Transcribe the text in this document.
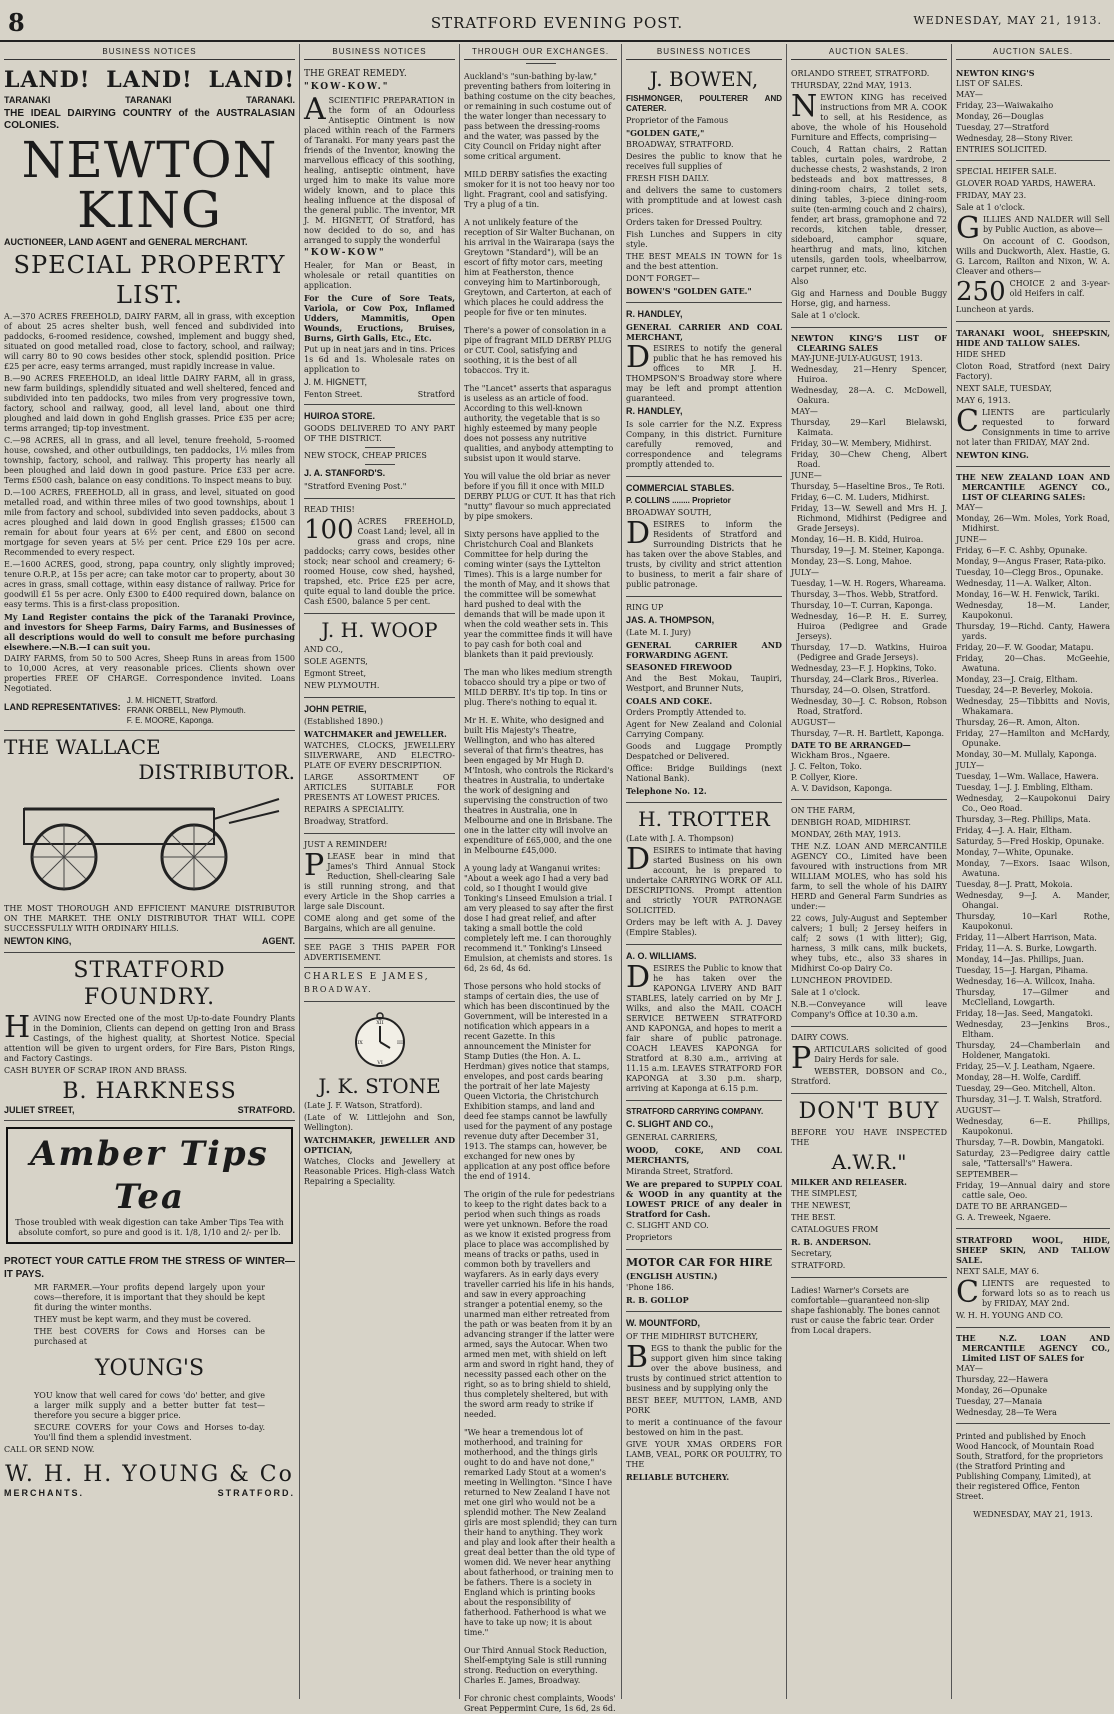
8	STRATFORD EVENING POST.	WEDNESDAY, MAY 21, 1913.
BUSINESS NOTICES
LAND! LAND! LAND!
TARANAKI	TARANAKI	TARANAKI.

THE IDEAL DAIRYING COUNTRY of the AUSTRALASIAN COLONIES.

NEWTON KING

AUCTIONEER, LAND AGENT and GENERAL MERCHANT.

SPECIAL PROPERTY LIST.

A.—370 ACRES FREEHOLD, DAIRY FARM, all in grass, with exception of about 25 acres shelter bush, well fenced and subdivided into paddocks, 6-roomed residence, cowshed, implement and buggy shed, situated on good metalled road, close to factory, school, and railway; will carry 80 to 90 cows besides other stock, splendid position. Price £25 per acre, easy terms arranged, must rapidly increase in value.

B.—90 ACRES FREEHOLD, an ideal little DAIRY FARM, all in grass, new farm buildings, splendidly situated and well sheltered, fenced and subdivided into ten paddocks, two miles from very progressive town, factory, school and railway, good, all level land, about one third ploughed and laid down in gohd English grasses. Price £35 per acre; terms arranged; tip-top investment.

C.—98 ACRES, all in grass, and all level, tenure freehold, 5-roomed house, cowshed, and other outbuildings, ten paddocks, 1½ miles from township, factory, school, and railway. This property has nearly all been ploughed and laid down in good pasture. Price £33 per acre. Terms £500 cash, balance on easy conditions. To inspect means to buy.

D.—100 ACRES, FREEHOLD, all in grass, and level, situated on good metalled road, and within three miles of two good townships, about 1 mile from factory and school, subdivided into seven paddocks, about 3 acres ploughed and laid down in good English grasses; £1500 can remain for about four years at 6½ per cent, and £800 on second mortgage for seven years at 5½ per cent. Price £29 10s per acre. Recommended to every respect.

E.—1600 ACRES, good, strong, papa country, only slightly improved; tenure O.R.P., at 15s per acre; can take motor car to property, about 30 acres in grass, small cottage, within easy distance of railway. Price for goodwill £1 5s per acre. Only £300 to £400 required down, balance on easy terms. This is a first-class proposition.

My Land Register contains the pick of the Taranaki Province, and investors for Sheep Farms, Dairy Farms, and Businesses of all descriptions would do well to consult me before purchasing elsewhere.—N.B.—I can suit you.

DAIRY FARMS, from 50 to 500 Acres, Sheep Runs in areas from 1500 to 10,000 Acres, at very reasonable prices. Clients shown over properties FREE OF CHARGE. Correspondence invited. Loans Negotiated.

LAND REPRESENTATIVES:
J. M. HICNETT, Stratford.
FRANK ORBELL, New Plymouth.
F. E. MOORE, Kaponga.
THE WALLACE
DISTRIBUTOR.

THE MOST THOROUGH AND EFFICIENT MANURE DISTRIBUTOR ON THE MARKET. THE ONLY DISTRIBUTOR THAT WILL COPE SUCCESSFULLY WITH ORDINARY HILLS.

NEWTON KING,	AGENT.
STRATFORD FOUNDRY.

HAVING now Erected one of the most Up-to-date Foundry Plants in the Dominion, Clients can depend on getting Iron and Brass Castings, of the highest quality, at Shortest Notice. Special attention will be given to urgent orders, for Fire Bars, Piston Rings, and Factory Castings.

CASH BUYER OF SCRAP IRON AND BRASS.

B. HARKNESS
JULIET STREET,	STRATFORD.
Amber Tips Tea
Those troubled with weak digestion can take Amber Tips Tea with absolute comfort, so pure and good is it. 1/8, 1/10 and 2/- per lb.

PROTECT YOUR CATTLE FROM THE STRESS OF WINTER—IT PAYS.

MR FARMER.—Your profits depend largely upon your cows—therefore, it is important that they should be kept fit during the winter months.

THEY must be kept warm, and they must be covered.

THE best COVERS for Cows and Horses can be purchased at

YOUNG'S

YOU know that well cared for cows 'do' better, and give a larger milk supply and a better butter fat test—therefore you secure a bigger price.

SECURE COVERS for your Cows and Horses to-day. You'll find them a splendid investment.

CALL OR SEND NOW.

W. H. H. YOUNG & Co
MERCHANTS.	STRATFORD.
BUSINESS NOTICES

THE GREAT REMEDY.

"KOW-KOW."

ASCIENTIFIC PREPARATION in the form of an Odourless Antiseptic Ointment is now placed within reach of the Farmers of Taranaki. For many years past the friends of the Inventor, knowing the marvellous efficacy of this soothing, healing, antiseptic ointment, have urged him to make its value more widely known, and to place this healing influence at the disposal of the general public. The inventor, MR J. M. HIGNETT, Of Stratford, has now decided to do so, and has arranged to supply the wonderful

"KOW-KOW"

Healer, for Man or Beast, in wholesale or retail quantities on application.

For the Cure of Sore Teats, Variola, or Cow Pox, Inflamed Udders, Mammitis, Open Wounds, Eructions, Bruises, Burns, Girth Galls, Etc., Etc.

Put up in neat jars and in tins. Prices 1s 6d and 1s. Wholesale rates on application to

J. M. HIGNETT,

Fenton Street.	Stratford

HUIROA STORE.

GOODS DELIVERED TO ANY PART OF THE DISTRICT.

NEW STOCK, CHEAP PRICES

J. A. STANFORD'S.

"Stratford Evening Post."

READ THIS!

100 ACRES FREEHOLD, Coast Land; level, all in grass and crops, nine paddocks; carry cows, besides other stock; near school and creamery; 6-roomed House, cow shed, hayshed, trapshed, etc. Price £25 per acre, quite equal to land double the price. Cash £500, balance 5 per cent.

J. H. WOOP

AND CO.,

SOLE AGENTS,

Egmont Street,

NEW PLYMOUTH.

JOHN PETRIE,

(Established 1890.)

WATCHMAKER and JEWELLER.

WATCHES, CLOCKS, JEWELLERY SILVERWARE, AND ELECTRO-PLATE OF EVERY DESCRIPTION.

LARGE ASSORTMENT OF ARTICLES SUITABLE FOR PRESENTS AT LOWEST PRICES.

REPAIRS A SPECIALITY.

Broadway, Stratford.

JUST A REMINDER!

PLEASE bear in mind that James's Third Annual Stock Reduction, Shell-clearing Sale is still running strong, and that every Article in the Shop carries a large sale Discount.

COME along and get some of the Bargains, which are all genuine.

SEE PAGE 3 THIS PAPER FOR ADVERTISEMENT.

CHARLES E JAMES,

BROADWAY.

XII
III
VI
IX
J. K. STONE

(Late J. F. Watson, Stratford).

(Late of W. Littlejohn and Son, Wellington).

WATCHMAKER, JEWELLER AND OPTICIAN,

Watches, Clocks and Jewellery at Reasonable Prices. High-class Watch Repairing a Speciality.

THROUGH OUR EXCHANGES.

Auckland's "sun-bathing by-law," preventing bathers from loitering in bathing costume on the city beaches, or remaining in such costume out of the water longer than necessary to pass between the dressing-rooms and the water, was passed by the City Council on Friday night after some critical argument.

MILD DERBY satisfies the exacting smoker for it is not too heavy nor too light. Fragrant, cool and satisfying. Try a plug of a tin.

A not unlikely feature of the reception of Sir Walter Buchanan, on his arrival in the Wairarapa (says the Greytown "Standard"), will be an escort of fifty motor cars, meeting him at Featherston, thence conveying him to Martinborough, Greytown, and Carterton, at each of which places he could address the people for five or ten minutes.

There's a power of consolation in a pipe of fragrant MILD DERBY PLUG or CUT. Cool, satisfying and soothing, it is the best of all tobaccos. Try it.

The "Lancet" asserts that asparagus is useless as an article of food. According to this well-known authority, the vegetable that is so highly esteemed by many people does not possess any nutritive qualities, and anybody attempting to subsist upon it would starve.

You will value the old briar as never before if you fill it once with MILD DERBY PLUG or CUT. It has that rich "nutty" flavour so much appreciated by pipe smokers.

Sixty persons have applied to the Christchurch Coal and Blankets Committee for help during the coming winter (says the Lyttelton Times). This is a large number for the month of May, and it shows that the committee will be somewhat hard pushed to deal with the demands that will be made upon it when the cold weather sets in. This year the committee finds it will have to pay cash for both coal and blankets than it paid previously.

The man who likes medium strength tobacco should try a pipe or two of MILD DERBY. It's tip top. In tins or plug. There's nothing to equal it.

Mr H. E. White, who designed and built His Majesty's Theatre, Wellington, and who has altered several of that firm's theatres, has been engaged by Mr Hugh D. M'Intosh, who controls the Rickard's theatres in Australia, to undertake the work of designing and supervising the construction of two theatres in Australia, one in Melbourne and one in Brisbane. The one in the latter city will involve an expenditure of £65,000, and the one in Melbourne £45,000.

A young lady at Wanganui writes: "About a week ago I had a very bad cold, so I thought I would give Tonking's Linseed Emulsion a trial. I am very pleased to say after the first dose I had great relief, and after taking a small bottle the cold completely left me. I can thoroughly recommend it." Tonking's Linseed Emulsion, at chemists and stores. 1s 6d, 2s 6d, 4s 6d.

Those persons who hold stocks of stamps of certain dies, the use of which has been discontinued by the Government, will be interested in a notification which appears in a recent Gazette. In this announcement the Minister for Stamp Duties (the Hon. A. L. Herdman) gives notice that stamps, envelopes, and post cards bearing the portrait of her late Majesty Queen Victoria, the Christchurch Exhibition stamps, and land and deed fee stamps cannot be lawfully used for the payment of any postage revenue duty after December 31, 1913. The stamps can, however, be exchanged for new ones by application at any post office before the end of 1914.

The origin of the rule for pedestrians to keep to the right dates back to a period when such things as roads were yet unknown. Before the road as we know it existed progress from place to place was accomplished by means of tracks or paths, used in common both by travellers and wayfarers. As in early days every traveller carried his life in his hands, and saw in every approaching stranger a potential enemy, so the unarmed man either retreated from the path or was beaten from it by an advancing stranger if the latter were armed, says the Autocar. When two armed men met, with shield on left arm and sword in right hand, they of necessity passed each other on the right, so as to bring shield to shield, thus completely sheltered, but with the sword arm ready to strike if needed.

"We hear a tremendous lot of motherhood, and training for motherhood, and the things girls ought to do and have not done," remarked Lady Stout at a women's meeting in Wellington. "Since I have returned to New Zealand I have not met one girl who would not be a splendid mother. The New Zealand girls are most splendid; they can turn their hand to anything. They work and play and look after their health a great deal better than the old type of women did. We never hear anything about fatherhood, or training men to be fathers. There is a society in England which is printing books about the responsibility of fatherhood. Fatherhood is what we have to take up now; it is about time."

Our Third Annual Stock Reduction, Shelf-emptying Sale is still running strong. Reduction on everything. Charles E. James, Broadway.

For chronic chest complaints, Woods' Great Peppermint Cure, 1s 6d, 2s 6d.

BUSINESS NOTICES
J. BOWEN,

FISHMONGER, POULTERER AND CATERER.

Proprietor of the Famous

"GOLDEN GATE,"

BROADWAY, STRATFORD.

Desires the public to know that he receives full supplies of

FRESH FISH DAILY.

and delivers the same to customers with promptitude and at lowest cash prices.

Orders taken for Dressed Poultry.

Fish Lunches and Suppers in city style.

THE BEST MEALS IN TOWN for 1s and the best attention.

DON'T FORGET—

BOWEN'S "GOLDEN GATE."

R. HANDLEY,

GENERAL CARRIER AND COAL MERCHANT,

DESIRES to notify the general public that he has removed his offices to MR J. H. THOMPSON'S Broadway store where may be left and prompt attention guaranteed.

R. HANDLEY,

Is sole carrier for the N.Z. Express Company, in this district. Furniture carefully removed, and correspondence and telegrams promptly attended to.

COMMERCIAL STABLES.

P. COLLINS ........ Proprietor

BROADWAY SOUTH,

DESIRES to inform the Residents of Stratford and Surrounding Districts that he has taken over the above Stables, and trusts, by civility and strict attention to business, to merit a fair share of public patronage.

RING UP

JAS. A. THOMPSON,

(Late M. I. Jury)

GENERAL CARRIER AND FORWARDING AGENT.

SEASONED FIREWOOD

And the Best Mokau, Taupiri, Westport, and Brunner Nuts,

COALS AND COKE.

Orders Promptly Attended to.

Agent for New Zealand and Colonial Carrying Company.

Goods and Luggage Promptly Despatched or Delivered.

Office: Bridge Buildings (next National Bank).

Telephone No. 12.

H. TROTTER

(Late with J. A. Thompson)

DESIRES to intimate that having started Business on his own account, he is prepared to undertake CARRYING WORK OF ALL DESCRIPTIONS. Prompt attention and strictly YOUR PATRONAGE SOLICITED.

Orders may be left with A. J. Davey (Empire Stables).

A. O. WILLIAMS.

DESIRES the Public to know that he has taken over the KAPONGA LIVERY AND BAIT STABLES, lately carried on by Mr J. Wilks, and also the MAIL COACH SERVICE BETWEEN STRATFORD AND KAPONGA, and hopes to merit a fair share of public patronage. COACH LEAVES KAPONGA for Stratford at 8.30 a.m., arriving at 11.15 a.m. LEAVES STRATFORD FOR KAPONGA at 3.30 p.m. sharp, arriving at Kaponga at 6.15 p.m.

STRATFORD CARRYING COMPANY.

C. SLIGHT AND CO.,

GENERAL CARRIERS,

WOOD, COKE, AND COAL MERCHANTS,

Miranda Street, Stratford.

We are prepared to SUPPLY COAL & WOOD in any quantity at the LOWEST PRICE of any dealer in Stratford for Cash.

C. SLIGHT AND CO.

Proprietors

MOTOR CAR FOR HIRE

(ENGLISH AUSTIN.)

'Phone 186.

R. B. GOLLOP

W. MOUNTFORD,

OF THE MIDHIRST BUTCHERY,

BEGS to thank the public for the support given him since taking over the above business, and trusts by continued strict attention to business and by supplying only the

BEST BEEF, MUTTON, LAMB, AND PORK

to merit a continuance of the favour bestowed on him in the past.

GIVE YOUR XMAS ORDERS FOR LAMB, VEAL, PORK OR POULTRY, TO THE

RELIABLE BUTCHERY.

AUCTION SALES.

ORLANDO STREET, STRATFORD.

THURSDAY, 22nd MAY, 1913.

NEWTON KING has received instructions from MR A. COOK to sell, at his Residence, as above, the whole of his Household Furniture and Effects, comprising—

Couch, 4 Rattan chairs, 2 Rattan tables, curtain poles, wardrobe, 2 duchesse chests, 2 washstands, 2 iron bedsteads and box mattresses, 8 dining-room chairs, 2 toilet sets, dining tables, 3-piece dining-room suite (ten-arming couch and 2 chairs), fender, art brass, gramophone and 72 records, kitchen table, dresser, sideboard, camphor square, hearthrug and mats, lino, kitchen utensils, garden tools, wheelbarrow, carpet runner, etc.

Also

Gig and Harness and Double Buggy Horse, gig, and harness.

Sale at 1 o'clock.

NEWTON KING'S LIST OF CLEARING SALES

MAY-JUNE-JULY-AUGUST, 1913.

Wednesday, 21—Henry Spencer, Huiroa.

Wednesday, 28—A. C. McDowell, Oakura.

MAY—

Thursday, 29—Karl Bielawski, Kaimata.

Friday, 30—W. Membery, Midhirst.

Friday, 30—Chew Cheng, Albert Road.

JUNE—

Thursday, 5—Haseltine Bros., Te Roti.

Friday, 6—C. M. Luders, Midhirst.

Friday, 13—W. Sewell and Mrs H. J. Richmond, Midhirst (Pedigree and Grade Jerseys).

Monday, 16—H. B. Kidd, Huiroa.

Thursday, 19—J. M. Steiner, Kaponga.

Monday, 23—S. Long, Mahoe.

JULY—

Tuesday, 1—W. H. Rogers, Whareama.

Thursday, 3—Thos. Webb, Stratford.

Thursday, 10—T. Curran, Kaponga.

Wednesday, 16—P. H. E. Surrey, Huiroa (Pedigree and Grade Jerseys).

Thursday, 17—D. Watkins, Huiroa (Pedigree and Grade Jerseys).

Wednesday, 23—F. J. Hopkins, Toko.

Thursday, 24—Clark Bros., Riverlea.

Thursday, 24—O. Olsen, Stratford.

Wednesday, 30—J. C. Robson, Robson Road, Stratford.

AUGUST—

Thursday, 7—R. H. Bartlett, Kaponga.

DATE TO BE ARRANGED—

Wickham Bros., Ngaere.

J. C. Felton, Toko.

P. Collyer, Kiore.

A. V. Davidson, Kaponga.

ON THE FARM,

DENBIGH ROAD, MIDHIRST.

MONDAY, 26th MAY, 1913.

THE N.Z. LOAN AND MERCANTILE AGENCY CO., Limited have been favoured with instructions from MR WILLIAM MOLES, who has sold his farm, to sell the whole of his DAIRY HERD and General Farm Sundries as under:—

22 cows, July-August and September calvers; 1 bull; 2 Jersey heifers in calf; 2 sows (1 with litter); Gig, harness, 3 milk cans, milk buckets, whey tubs, etc., also 33 shares in Midhirst Co-op Dairy Co.

LUNCHEON PROVIDED.

Sale at 1 o'clock.

N.B.—Conveyance will leave Company's Office at 10.30 a.m.

DAIRY COWS.

PARTICULARS solicited of good Dairy Herds for sale.

WEBSTER, DOBSON and Co., Stratford.

DON'T BUY

BEFORE YOU HAVE INSPECTED THE

A.W.R."

MILKER AND RELEASER.

THE SIMPLEST,

THE NEWEST,

THE BEST.

CATALOGUES FROM

R. B. ANDERSON.

Secretary,

STRATFORD.

Ladies! Warner's Corsets are comfortable—guaranteed non-slip shape fashionably. The bones cannot rust or cause the fabric tear. Order from Local drapers.

AUCTION SALES.

NEWTON KING'S

LIST OF SALES.

MAY—

Friday, 23—Waiwakaiho

Monday, 26—Douglas

Tuesday, 27—Stratford

Wednesday, 28—Stony River.

ENTRIES SOLICITED.

SPECIAL HEIFER SALE.

GLOVER ROAD YARDS, HAWERA.

FRIDAY, MAY 23.

Sale at 1 o'clock.

GILLIES AND NALDER will Sell by Public Auction, as above—

On account of C. Goodson, Wills and Duckworth, Alex. Hastie, G. G. Larcom, Railton and Nixon, W. A. Cleaver and others—

250 CHOICE 2 and 3-year-old Heifers in calf.

Luncheon at yards.

TARANAKI WOOL, SHEEPSKIN, HIDE AND TALLOW SALES.

HIDE SHED

Cloton Road, Stratford (next Dairy Factory).

NEXT SALE, TUESDAY,

MAY 6, 1913.

CLIENTS are particularly requested to forward Consignments in time to arrive not later than FRIDAY, MAY 2nd.

NEWTON KING.

THE NEW ZEALAND LOAN AND MERCANTILE AGENCY CO., LIST OF CLEARING SALES:

MAY—

Monday, 26—Wm. Moles, York Road, Midhirst.

JUNE—

Friday, 6—F. C. Ashby, Opunake.

Monday, 9—Angus Fraser, Rata-piko.

Tuesday, 10—Clegg Bros., Opunake.

Wednesday, 11—A. Walker, Alton.

Monday, 16—W. H. Fenwick, Tariki.

Wednesday, 18—M. Lander, Kaupokonui.

Thursday, 19—Richd. Canty, Hawera yards.

Friday, 20—F. W. Goodar, Matapu.

Friday, 20—Chas. McGeehie, Awatuna.

Monday, 23—J. Craig, Eltham.

Tuesday, 24—P. Beverley, Mokoia.

Wednesday, 25—Tibbitts and Novis, Whakamara.

Thursday, 26—R. Amon, Alton.

Friday, 27—Hamilton and McHardy, Opunake.

Monday, 30—M. Mullaly, Kaponga.

JULY—

Tuesday, 1—Wm. Wallace, Hawera.

Tuesday, 1—J. J. Embling, Eltham.

Wednesday, 2—Kaupokonui Dairy Co., Oeo Road.

Thursday, 3—Reg. Phillips, Mata.

Friday, 4—J. A. Hair, Eltham.

Saturday, 5—Fred Hoskip, Opunake.

Monday, 7—White, Opunake.

Monday, 7—Exors. Isaac Wilson, Awatuna.

Tuesday, 8—J. Pratt, Mokoia.

Wednesday, 9—J. A. Mander, Ohangai.

Thursday, 10—Karl Rothe, Kaupokonui.

Friday, 11—Albert Harrison, Mata.

Friday, 11—A. S. Burke, Lowgarth.

Monday, 14—Jas. Phillips, Juan.

Tuesday, 15—J. Hargan, Pihama.

Wednesday, 16—A. Willcox, Inaha.

Thursday, 17—Gilmer and McClelland, Lowgarth.

Friday, 18—Jas. Seed, Mangatoki.

Wednesday, 23—Jenkins Bros., Eltham.

Thursday, 24—Chamberlain and Holdener, Mangatoki.

Friday, 25—V. J. Leatham, Ngaere.

Monday, 28—H. Wolfe, Cardiff.

Tuesday, 29—Geo. Mitchell, Alton.

Thursday, 31—J. T. Walsh, Stratford.

AUGUST—

Wednesday, 6—E. Phillips, Kaupokonui.

Thursday, 7—R. Dowbin, Mangatoki.

Saturday, 23—Pedigree dairy cattle sale, "Tattersall's" Hawera.

SEPTEMBER—

Friday, 19—Annual dairy and store cattle sale, Oeo.

DATE TO BE ARRANGED—

G. A. Treweek, Ngaere.

STRATFORD WOOL, HIDE, SHEEP SKIN, AND TALLOW SALE.

NEXT SALE, MAY 6.

CLIENTS are requested to forward lots so as to reach us by FRIDAY, MAY 2nd.

W. H. H. YOUNG AND CO.

THE N.Z. LOAN AND MERCANTILE AGENCY CO., Limited LIST OF SALES for

MAY—

Thursday, 22—Hawera

Monday, 26—Opunake

Tuesday, 27—Manaia

Wednesday, 28—Te Wera

Printed and published by Enoch Wood Hancock, of Mountain Road South, Stratford, for the proprietors (the Stratford Printing and Publishing Company, Limited), at their registered Office, Fenton Street.

WEDNESDAY, MAY 21, 1913.
